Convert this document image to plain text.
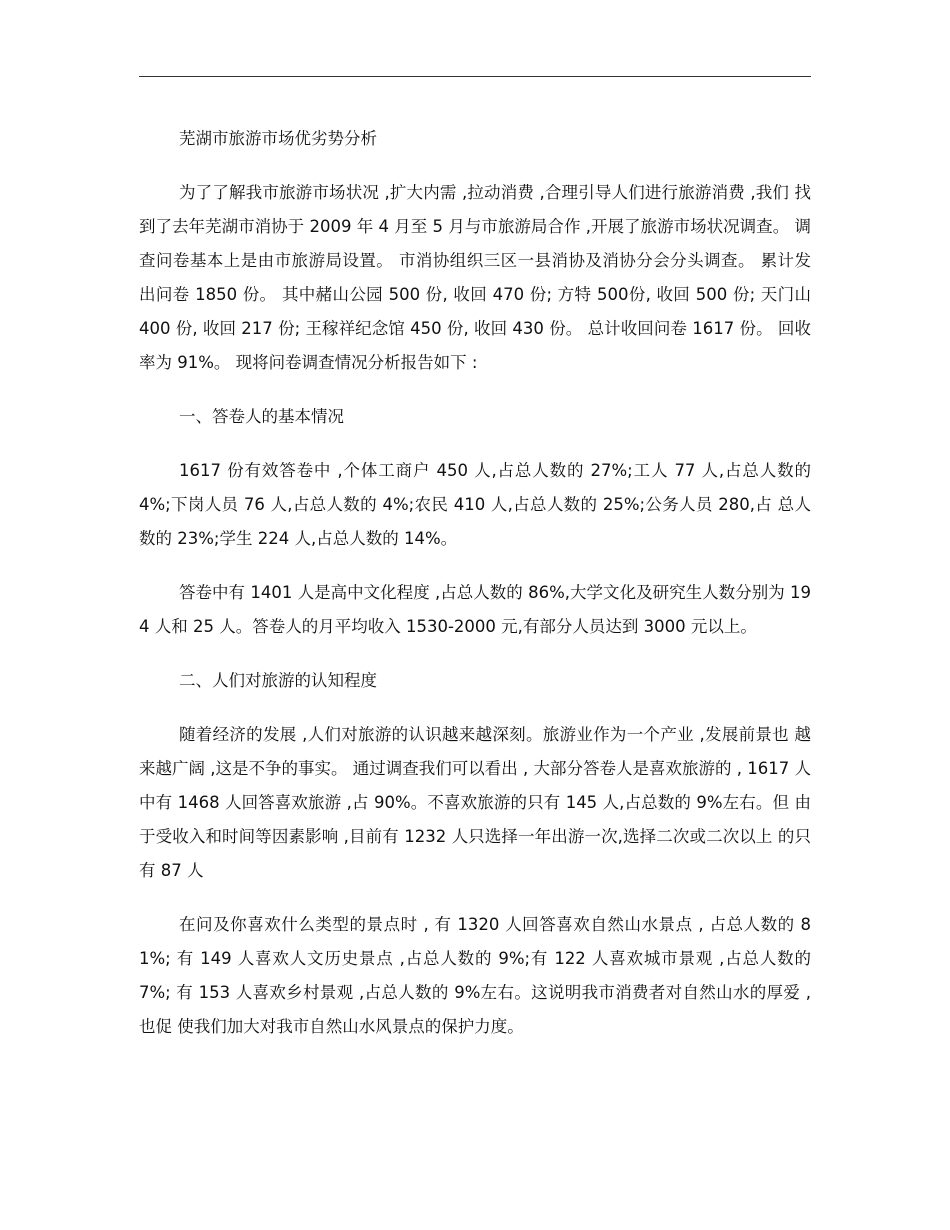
芜湖市旅游市场优劣势分析

为了了解我市旅游市场状况 ,扩大内需 ,拉动消费 ,合理引导人们进行旅游消费 ,我们 找到了去年芜湖市消协于 2009 年 4 月至 5 月与市旅游局合作 ,开展了旅游市场状况调查。 调查问卷基本上是由市旅游局设置。 市消协组织三区一县消协及消协分会分头调查。 累计发 出问卷 1850 份。 其中赭山公园 500 份, 收回 470 份; 方特 500份, 收回 500 份; 天门山 400 份, 收回 217 份; 王稼祥纪念馆 450 份, 收回 430 份。 总计收回问卷 1617 份。 回收率为 91%。 现将问卷调查情况分析报告如下 :

一、答卷人的基本情况

1617 份有效答卷中 ,个体工商户 450 人,占总人数的 27%;工人 77 人,占总人数的4%;下岗人员 76 人,占总人数的 4%;农民 410 人,占总人数的 25%;公务人员 280,占 总人数的 23%;学生 224 人,占总人数的 14%。

答卷中有 1401 人是高中文化程度 ,占总人数的 86%,大学文化及研究生人数分别为 194 人和 25 人。答卷人的月平均收入 1530-2000 元,有部分人员达到 3000 元以上。

二、人们对旅游的认知程度

随着经济的发展 ,人们对旅游的认识越来越深刻。旅游业作为一个产业 ,发展前景也 越来越广阔 ,这是不争的事实。 通过调查我们可以看出 , 大部分答卷人是喜欢旅游的 , 1617 人中有 1468 人回答喜欢旅游 ,占 90%。不喜欢旅游的只有 145 人,占总数的 9%左右。但 由于受收入和时间等因素影响 ,目前有 1232 人只选择一年出游一次,选择二次或二次以上 的只有 87 人

在问及你喜欢什么类型的景点时 , 有 1320 人回答喜欢自然山水景点 , 占总人数的 81%; 有 149 人喜欢人文历史景点 ,占总人数的 9%;有 122 人喜欢城市景观 ,占总人数的 7%; 有 153 人喜欢乡村景观 ,占总人数的 9%左右。这说明我市消费者对自然山水的厚爱 ,也促 使我们加大对我市自然山水风景点的保护力度。
